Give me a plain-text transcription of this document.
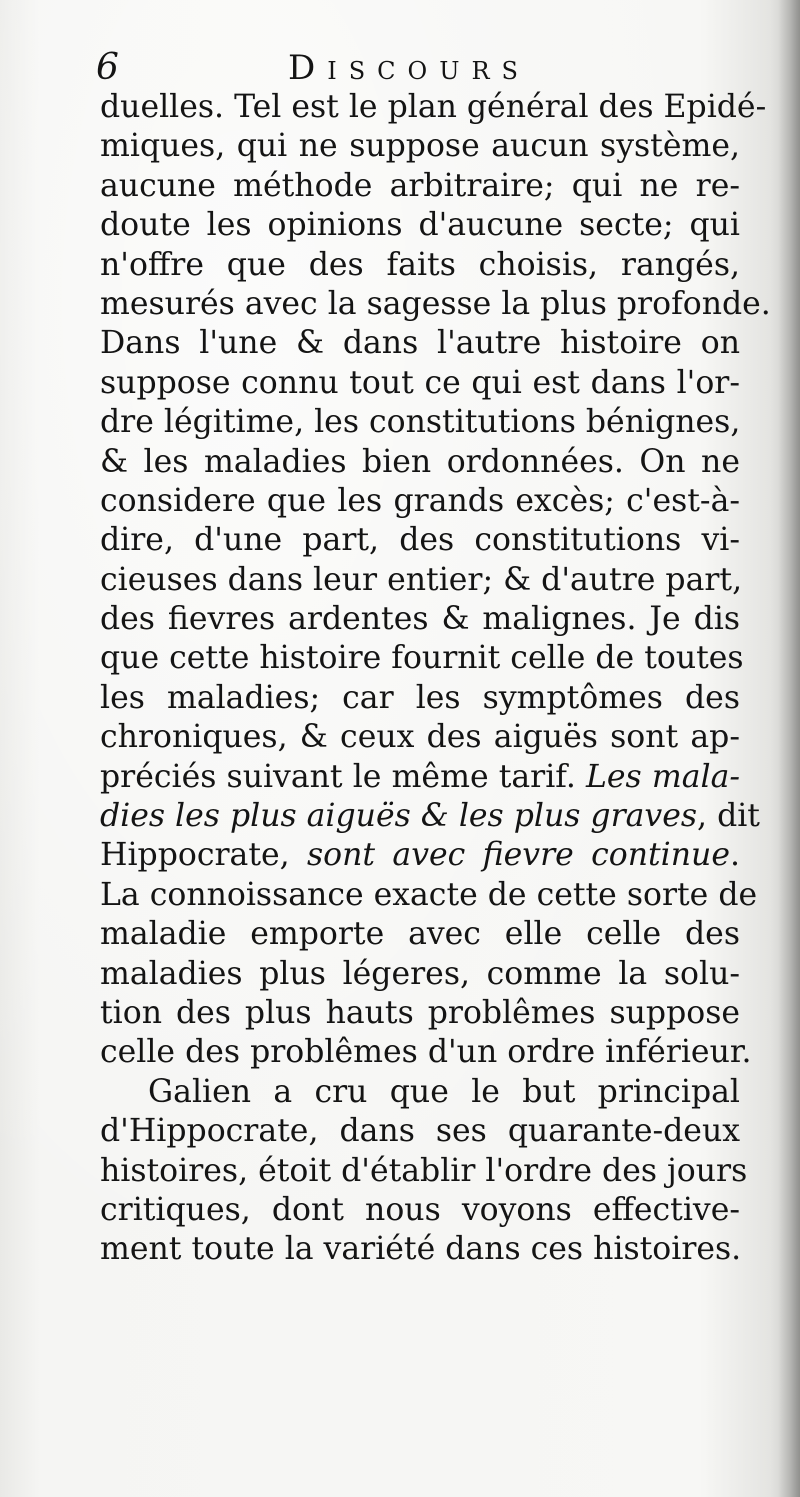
6	Discours
duelles. Tel est le plan général des Epidé-
miques, qui ne suppose aucun système,
aucune méthode arbitraire; qui ne re-
doute les opinions d'aucune secte; qui
n'offre que des faits choisis, rangés,
mesurés avec la sagesse la plus profonde.
Dans l'une & dans l'autre histoire on
suppose connu tout ce qui est dans l'or-
dre légitime, les constitutions bénignes,
& les maladies bien ordonnées. On ne
considere que les grands excès; c'est-à-
dire, d'une part, des constitutions vi-
cieuses dans leur entier; & d'autre part,
des fievres ardentes & malignes. Je dis
que cette histoire fournit celle de toutes
les maladies; car les symptômes des
chroniques, & ceux des aiguës sont ap-
préciés suivant le même tarif. Les mala-
dies les plus aiguës & les plus graves, dit
Hippocrate, sont avec fievre continue.
La connoissance exacte de cette sorte de
maladie emporte avec elle celle des
maladies plus légeres, comme la solu-
tion des plus hauts problêmes suppose
celle des problêmes d'un ordre inférieur.
Galien a cru que le but principal
d'Hippocrate, dans ses quarante-deux
histoires, étoit d'établir l'ordre des jours
critiques, dont nous voyons effective-
ment toute la variété dans ces histoires.
